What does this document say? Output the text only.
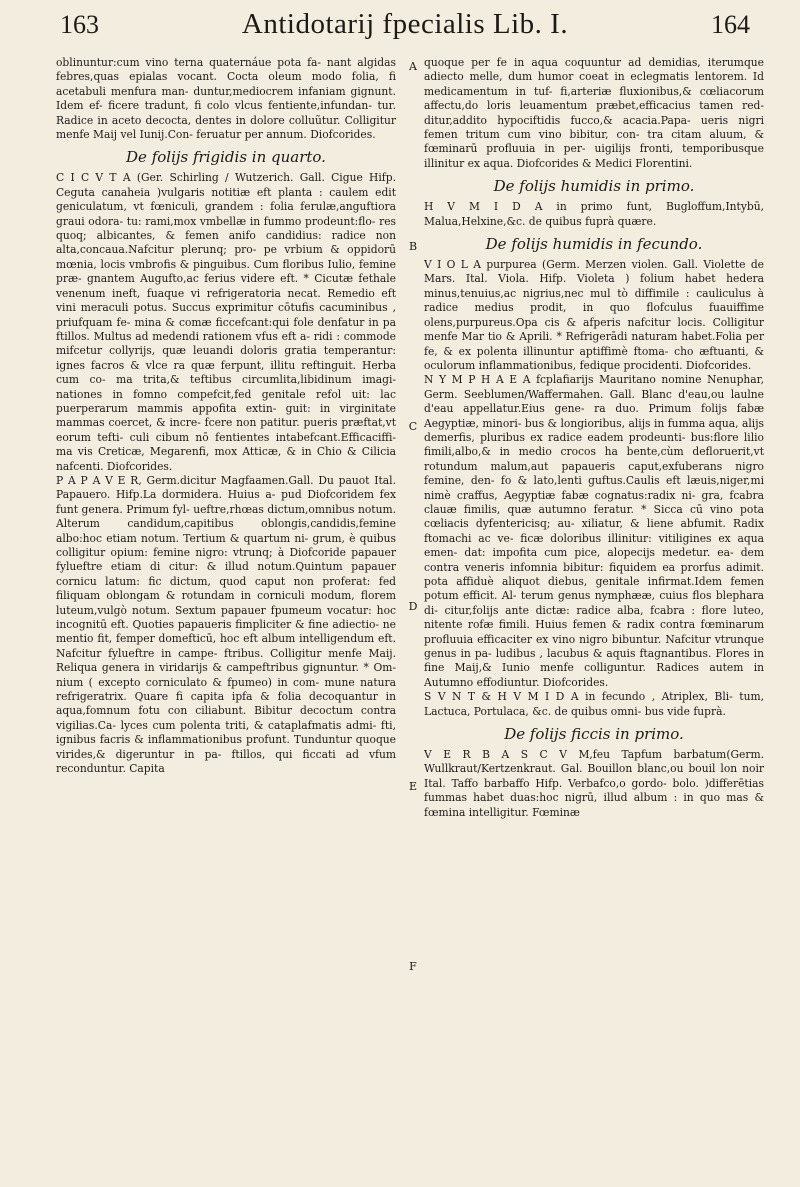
163	Antidotarij fpecialis Lib. I.	164
A
B
C
D
E
F

oblinuntur:cum vino terna quaternáue pota fa- nant algidas febres,quas epialas vocant. Cocta oleum modo folia, fi acetabuli menfura man- duntur,mediocrem infaniam gignunt. Idem ef- ficere tradunt, fi colo vlcus fentiente,infundan- tur. Radice in aceto decocta, dentes in dolore colluũtur. Colligitur menfe Maij vel Iunij.Con- feruatur per annum. Diofcorides.

De folijs frigidis in quarto.

C I C V T A (Ger. Schirling / Wutzerich. Gall. Cigue Hifp. Ceguta canaheia )vulgaris notitiæ eft planta : caulem edit geniculatum, vt fœniculi, grandem : folia ferulæ,anguftiora graui odora- tu: rami,mox vmbellæ in fummo prodeunt:flo- res quoq; albicantes, & femen anifo candidius: radice non alta,concaua.Nafcitur plerunq; pro- pe vrbium & oppidorū mœnia, locis vmbrofis & pinguibus. Cum floribus Iulio, femine præ- gnantem Augufto,ac ferius videre eft. * Cicutæ fethale venenum ineft, fuaque vi refrigeratoria necat. Remedio eft vini meraculi potus. Succus exprimitur cōtufis cacuminibus , priufquam fe- mina & comæ ficcefcant:qui fole denfatur in pa ftillos. Multus ad medendi rationem vfus eft a- ridi : commode mifcetur collyrijs, quæ leuandi doloris gratia temperantur: ignes facros & vlce ra quæ ferpunt, illitu reftinguit. Herba cum co- ma trita,& teftibus circumlita,libidinum imagi- nationes in fomno compefcit,fed genitale refol uit: lac puerperarum mammis appofita extin- guit: in virginitate mammas coercet, & incre- fcere non patitur. pueris præftat,vt eorum tefti- culi cibum nō fentientes intabefcant.Efficaciffi- ma vis Creticæ, Megarenfi, mox Atticæ, & in Chio & Cilicia nafcenti. Diofcorides.

P A P A V E R, Germ.dicitur Magfaamen.Gall. Du pauot Ital. Papauero. Hifp.La dormidera. Huius a- pud Diofcoridem fex funt genera. Primum fyl- ueftre,rhœas dictum,omnibus notum. Alterum candidum,capitibus oblongis,candidis,femine albo:hoc etiam notum. Tertium & quartum ni- grum, è quibus colligitur opium: femine nigro: vtrunq; à Diofcoride papauer fylueftre etiam di citur: & illud notum.Quintum papauer cornicu latum: fic dictum, quod caput non proferat: fed filiquam oblongam & rotundam in corniculi modum, florem luteum,vulgò notum. Sextum papauer fpumeum vocatur: hoc incognitū eft. Quoties papaueris fimpliciter & fine adiectio- ne mentio fit, femper domefticū, hoc eft album intelligendum eft. Nafcitur fylueftre in campe- ftribus. Colligitur menfe Maij. Reliqua genera in viridarijs & campeftribus gignuntur. * Om- nium ( excepto corniculato & fpumeo) in com- mune natura refrigeratrix. Quare fi capita ipfa & folia decoquantur in aqua,fomnum fotu con ciliabunt. Bibitur decoctum contra vigilias.Ca- lyces cum polenta triti, & cataplafmatis admi- fti, ignibus facris & inflammationibus profunt. Tunduntur quoque virides,& digeruntur in pa- ftillos, qui ficcati ad vfum reconduntur. Capita

quoque per fe in aqua coquuntur ad demidias, iterumque adiecto melle, dum humor coeat in eclegmatis lentorem. Id medicamentum in tuf- fi,arteriæ fluxionibus,& cœliacorum affectu,do loris leuamentum præbet,efficacius tamen red- ditur,addito hypociftidis fucco,& acacia.Papa- ueris nigri femen tritum cum vino bibitur, con- tra citam aluum, & fœminarū profluuia in per- uigilijs fronti, temporibusque illinitur ex aqua. Diofcorides & Medici Florentini.

De folijs humidis in primo.

H V M I D A in primo funt, Bugloffum,Intybū, Malua,Helxine,&c. de quibus fuprà quære.

De folijs humidis in fecundo.

V I O L A purpurea (Germ. Merzen violen. Gall. Violette de Mars. Ital. Viola. Hifp. Violeta ) folium habet hedera minus,tenuius,ac nigrius,nec mul tò diffimile : cauliculus à radice medius prodit, in quo flofculus fuauiffime olens,purpureus.Opa cis & afperis nafcitur locis. Colligitur menfe Mar tio & Aprili. * Refrigerādi naturam habet.Folia per fe, & ex polenta illinuntur aptiffimè ftoma- cho æftuanti, & oculorum inflammationibus, fedique procidenti. Diofcorides.

N Y M P H A E A fcplafiarijs Mauritano nomine Nenuphar, Germ. Seeblumen/Waffermahen. Gall. Blanc d'eau,ou laulne d'eau appellatur.Eius gene- ra duo. Primum folijs fabæ Aegyptiæ, minori- bus & longioribus, alijs in fumma aqua, alijs demerfis, pluribus ex radice eadem prodeunti- bus:flore lilio fimili,albo,& in medio crocos ha bente,cùm defloruerit,vt rotundum malum,aut papaueris caput,exfuberans nigro femine, den- fo & lato,lenti guftus.Caulis eft læuis,niger,mi nimè craffus, Aegyptiæ fabæ cognatus:radix ni- gra, fcabra clauæ fimilis, quæ autumno feratur. * Sicca cū vino pota cœliacis dyfentericisq; au- xiliatur, & liene abfumit. Radix ftomachi ac ve- ficæ doloribus illinitur: vitiligines ex aqua emen- dat: impofita cum pice, alopecijs medetur. ea- dem contra veneris infomnia bibitur: fiquidem ea prorfus adimit. pota affiduè aliquot diebus, genitale infirmat.Idem femen potum efficit. Al- terum genus nymphææ, cuius flos blephara di- citur,folijs ante dictæ: radice alba, fcabra : flore luteo, nitente rofæ fimili. Huius femen & radix contra fœminarum profluuia efficaciter ex vino nigro bibuntur. Nafcitur vtrunque genus in pa- ludibus , lacubus & aquis ftagnantibus. Flores in fine Maij,& Iunio menfe colliguntur. Radices autem in Autumno effodiuntur. Diofcorides.

S V N T & H V M I D A in fecundo , Atriplex, Bli- tum, Lactuca, Portulaca, &c. de quibus omni- bus vide fuprà.

De folijs ficcis in primo.

V E R B A S C V M,feu Tapfum barbatum(Germ. Wullkraut/Kertzenkraut. Gal. Bouillon blanc,ou bouil lon noir Ital. Taffo barbaffo Hifp. Verbafco,o gordo- bolo. )differētias fummas habet duas:hoc nigrū, illud album : in quo mas & fœmina intelligitur. Fœminæ
